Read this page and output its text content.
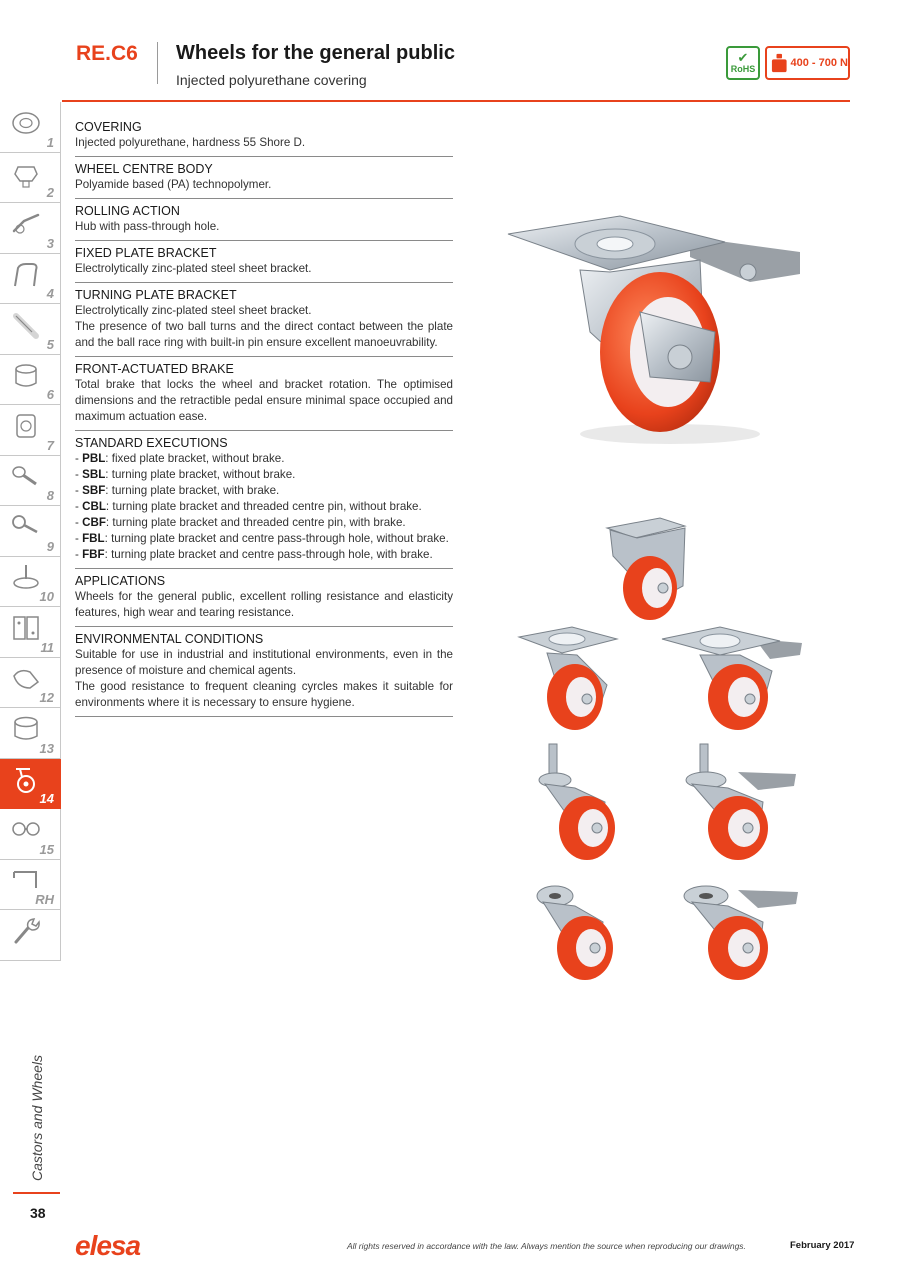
RE.C6 Wheels for the general public
Injected polyurethane covering
✔
RoHS	400 - 700 N
1
2
3
4
5
6
7
8
9
10
11
12
13
14
15
RH
Castors and Wheels
38
COVERING
Injected polyurethane, hardness 55 Shore D.
WHEEL CENTRE BODY
Polyamide based (PA) technopolymer.
ROLLING ACTION
Hub with pass-through hole.
FIXED PLATE BRACKET
Electrolytically zinc-plated steel sheet bracket.
TURNING PLATE BRACKET
Electrolytically zinc-plated steel sheet bracket.
The presence of two ball turns and the direct contact between the plate and the ball race ring with built-in pin ensure excellent manoeuvrability.
FRONT-ACTUATED BRAKE
Total brake that locks the wheel and bracket rotation. The optimised dimensions and the retractible pedal ensure minimal space occupied and maximum actuation ease.
STANDARD EXECUTIONS
- PBL: fixed plate bracket, without brake.
- SBL: turning plate bracket, without brake.
- SBF: turning plate bracket, with brake.
- CBL: turning plate bracket and threaded centre pin, without brake.
- CBF: turning plate bracket and threaded centre pin, with brake.
- FBL: turning plate bracket and centre pass-through hole, without brake.
- FBF: turning plate bracket and centre pass-through hole, with brake.
APPLICATIONS
Wheels for the general public, excellent rolling resistance and elasticity features, high wear and tearing resistance.
ENVIRONMENTAL CONDITIONS
Suitable for use in industrial and institutional environments, even in the presence of moisture and chemical agents.
The good resistance to frequent cleaning cyrcles makes it suitable for environments where it is necessary to ensure hygiene.
elesa	All rights reserved in accordance with the law. Always mention the source when reproducing our drawings.	February 2017
